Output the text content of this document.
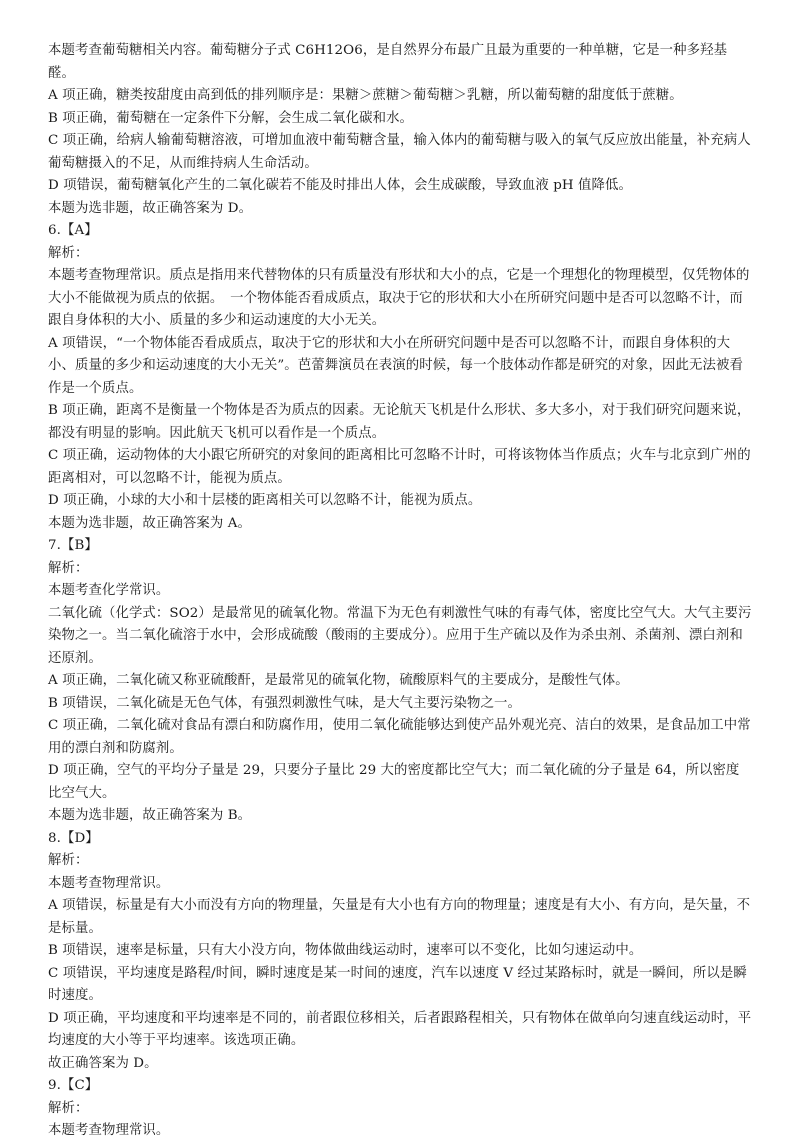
本题考查葡萄糖相关内容。葡萄糖分子式 C6H12O6，是自然界分布最广且最为重要的一种单糖，它是一种多羟基醛。

A 项正确，糖类按甜度由高到低的排列顺序是：果糖＞蔗糖＞葡萄糖＞乳糖，所以葡萄糖的甜度低于蔗糖。

B 项正确，葡萄糖在一定条件下分解，会生成二氧化碳和水。

C 项正确，给病人输葡萄糖溶液，可增加血液中葡萄糖含量，输入体内的葡萄糖与吸入的氧气反应放出能量，补充病人葡萄糖摄入的不足，从而维持病人生命活动。

D 项错误，葡萄糖氧化产生的二氧化碳若不能及时排出人体，会生成碳酸，导致血液 pH 值降低。

本题为选非题，故正确答案为 D。

6.【A】

解析：

本题考查物理常识。质点是指用来代替物体的只有质量没有形状和大小的点，它是一个理想化的物理模型，仅凭物体的大小不能做视为质点的依据。　一个物体能否看成质点，取决于它的形状和大小在所研究问题中是否可以忽略不计，而跟自身体积的大小、质量的多少和运动速度的大小无关。

A 项错误，“一个物体能否看成质点，取决于它的形状和大小在所研究问题中是否可以忽略不计，而跟自身体积的大小、质量的多少和运动速度的大小无关”。芭蕾舞演员在表演的时候，每一个肢体动作都是研究的对象，因此无法被看作是一个质点。

B 项正确，距离不是衡量一个物体是否为质点的因素。无论航天飞机是什么形状、多大多小，对于我们研究问题来说，都没有明显的影响。因此航天飞机可以看作是一个质点。

C 项正确，运动物体的大小跟它所研究的对象间的距离相比可忽略不计时，可将该物体当作质点；火车与北京到广州的距离相对，可以忽略不计，能视为质点。

D 项正确，小球的大小和十层楼的距离相关可以忽略不计，能视为质点。

本题为选非题，故正确答案为 A。

7.【B】

解析：

本题考查化学常识。

二氧化硫（化学式：SO2）是最常见的硫氧化物。常温下为无色有刺激性气味的有毒气体，密度比空气大。大气主要污染物之一。当二氧化硫溶于水中，会形成硫酸（酸雨的主要成分）。应用于生产硫以及作为杀虫剂、杀菌剂、漂白剂和还原剂。

A 项正确，二氧化硫又称亚硫酸酐，是最常见的硫氧化物，硫酸原料气的主要成分，是酸性气体。

B 项错误，二氧化硫是无色气体，有强烈刺激性气味，是大气主要污染物之一。

C 项正确，二氧化硫对食品有漂白和防腐作用，使用二氧化硫能够达到使产品外观光亮、洁白的效果，是食品加工中常用的漂白剂和防腐剂。

D 项正确，空气的平均分子量是 29，只要分子量比 29 大的密度都比空气大；而二氧化硫的分子量是 64，所以密度比空气大。

本题为选非题，故正确答案为 B。

8.【D】

解析：

本题考查物理常识。

A 项错误，标量是有大小而没有方向的物理量，矢量是有大小也有方向的物理量；速度是有大小、有方向，是矢量，不是标量。

B 项错误，速率是标量，只有大小没方向，物体做曲线运动时，速率可以不变化，比如匀速运动中。

C 项错误，平均速度是路程/时间，瞬时速度是某一时间的速度，汽车以速度 V 经过某路标时，就是一瞬间，所以是瞬时速度。

D 项正确，平均速度和平均速率是不同的，前者跟位移相关，后者跟路程相关，只有物体在做单向匀速直线运动时，平均速度的大小等于平均速率。该选项正确。

故正确答案为 D。

9.【C】

解析：

本题考查物理常识。
